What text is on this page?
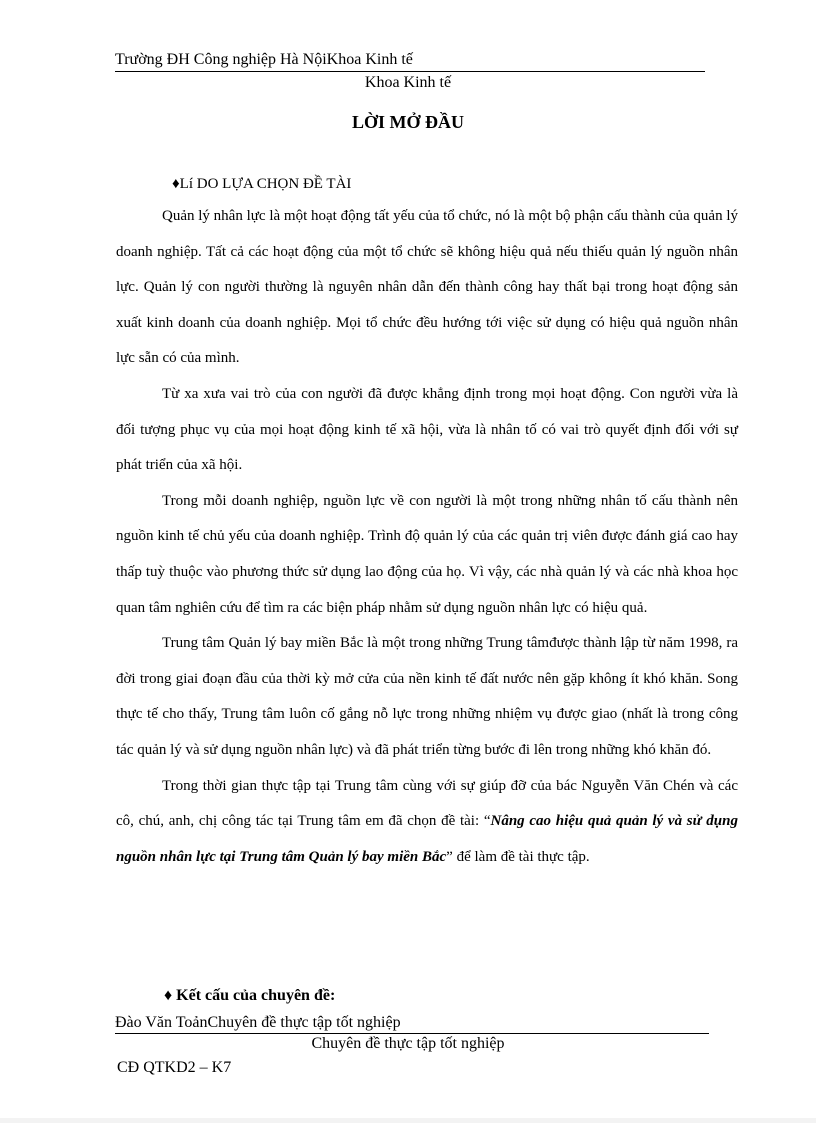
Trường ĐH Công nghiệp Hà NộiKhoa Kinh tế
Khoa Kinh tế
LỜI MỞ ĐẦU
♦Lí DO LỰA CHỌN ĐỀ TÀI

Quản lý nhân lực là một hoạt động tất yếu của tổ chức, nó là một bộ phận cấu thành của quản lý doanh nghiệp. Tất cả các hoạt động của một tổ chức sẽ không hiệu quả nếu thiếu quản lý nguồn nhân lực. Quản lý con người thường là nguyên nhân dẫn đến thành công hay thất bại trong hoạt động sản xuất kinh doanh của doanh nghiệp. Mọi tổ chức đều hướng tới việc sử dụng có hiệu quả nguồn nhân lực sẵn có của mình.

Từ xa xưa vai trò của con người đã được khẳng định trong mọi hoạt động. Con người vừa là đối tượng phục vụ của mọi hoạt động kinh tế xã hội, vừa là nhân tố có vai trò quyết định đối với sự phát triển của xã hội.

Trong mỗi doanh nghiệp, nguồn lực về con người là một trong những nhân tố cấu thành nên nguồn kinh tế chủ yếu của doanh nghiệp. Trình độ quản lý của các quản trị viên được đánh giá cao hay thấp tuỳ thuộc vào phương thức sử dụng lao động của họ. Vì vậy, các nhà quản lý và các nhà khoa học quan tâm nghiên cứu để tìm ra các biện pháp nhằm sử dụng nguồn nhân lực có hiệu quả.

Trung tâm Quản lý bay miền Bắc là một trong những Trung tâmđược thành lập từ năm 1998, ra đời trong giai đoạn đầu của thời kỳ mở cửa của nền kinh tế đất nước nên gặp không ít khó khăn. Song thực tế cho thấy, Trung tâm luôn cố gắng nỗ lực trong những nhiệm vụ được giao (nhất là trong công tác quản lý và sử dụng nguồn nhân lực) và đã phát triển từng bước đi lên trong những khó khăn đó.

Trong thời gian thực tập tại Trung tâm cùng với sự giúp đỡ của bác Nguyễn Văn Chén và các cô, chú, anh, chị công tác tại Trung tâm em đã chọn đề tài: “Nâng cao hiệu quả quản lý và sử dụng nguồn nhân lực tại Trung tâm Quản lý bay miền Bắc” để làm đề tài thực tập.

♦ Kết cấu của chuyên đề:
Đào Văn ToảnChuyên đề thực tập tốt nghiệp
Chuyên đề thực tập tốt nghiệp
CĐ QTKD2 – K7
